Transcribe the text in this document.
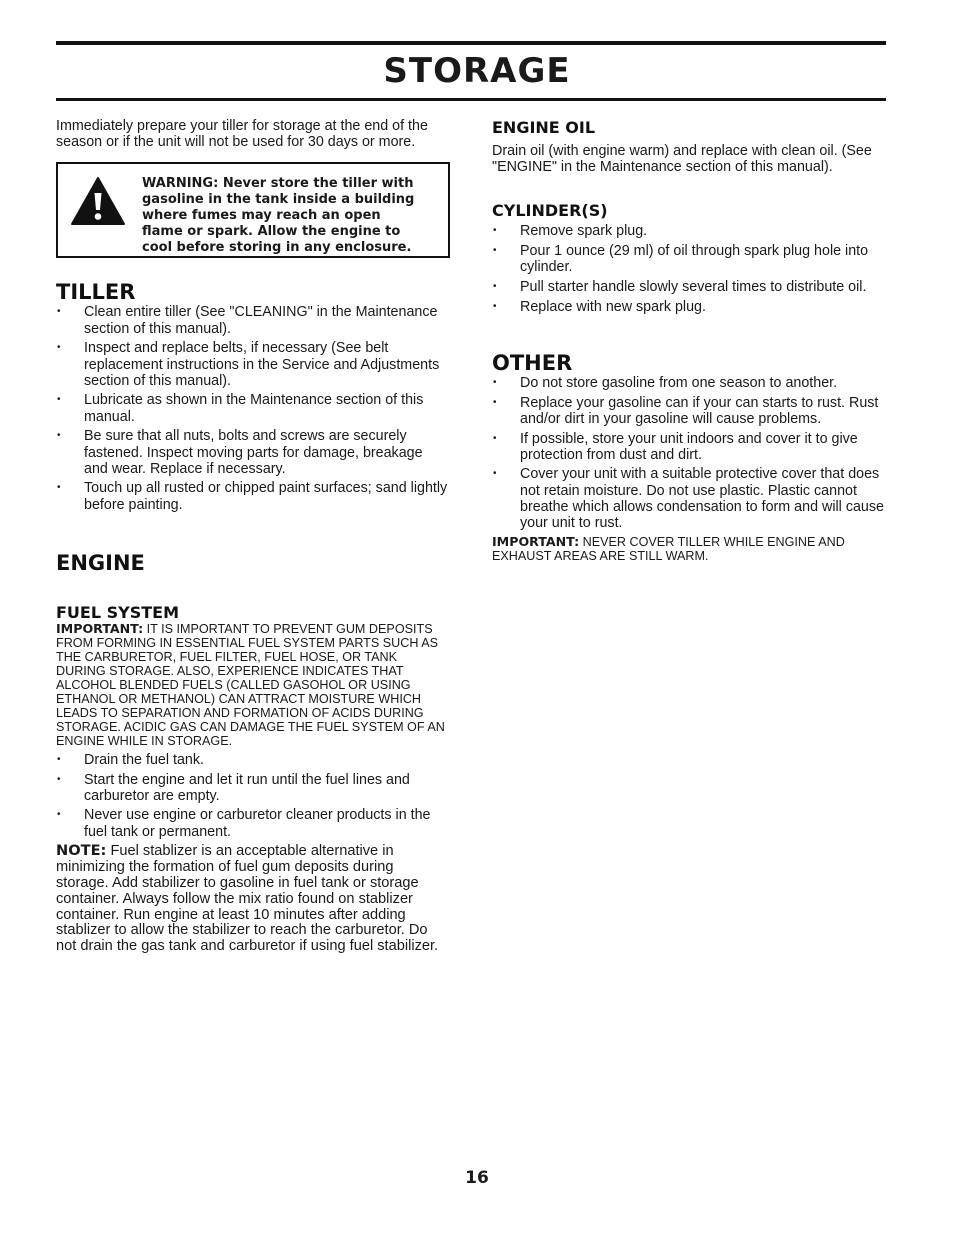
STORAGE

Immediately prepare your tiller for storage at the end of the season or if the unit will not be used for 30 days or more.

WARNING: Never store the tiller with gasoline in the tank inside a building where fumes may reach an open flame or spark. Allow the engine to cool before storing in any enclosure.

TILLER
• Clean entire tiller (See "CLEANING" in the Maintenance section of this manual).
• Inspect and replace belts, if necessary (See belt replacement instructions in the Service and Adjustments section of this manual).
• Lubricate as shown in the Maintenance section of this manual.
• Be sure that all nuts, bolts and screws are securely fastened. Inspect moving parts for damage, breakage and wear. Replace if necessary.
• Touch up all rusted or chipped paint surfaces; sand lightly before painting.
ENGINE
FUEL SYSTEM

IMPORTANT: IT IS IMPORTANT TO PREVENT GUM DEPOSITS FROM FORMING IN ESSENTIAL FUEL SYSTEM PARTS SUCH AS THE CARBURETOR, FUEL FILTER, FUEL HOSE, OR TANK DURING STORAGE. ALSO, EXPERIENCE INDICATES THAT ALCOHOL BLENDED FUELS (CALLED GASOHOL OR USING ETHANOL OR METHANOL) CAN ATTRACT MOISTURE WHICH LEADS TO SEPARATION AND FORMATION OF ACIDS DURING STORAGE. ACIDIC GAS CAN DAMAGE THE FUEL SYSTEM OF AN ENGINE WHILE IN STORAGE.

• Drain the fuel tank.
• Start the engine and let it run until the fuel lines and carburetor are empty.
• Never use engine or carburetor cleaner products in the fuel tank or permanent.

NOTE: Fuel stablizer is an acceptable alternative in minimizing the formation of fuel gum deposits during storage. Add stabilizer to gasoline in fuel tank or storage container. Always follow the mix ratio found on stablizer container. Run engine at least 10 minutes after adding stablizer to allow the stabilizer to reach the carburetor. Do not drain the gas tank and carburetor if using fuel stabilizer.

ENGINE OIL

Drain oil (with engine warm) and replace with clean oil. (See "ENGINE" in the Maintenance section of this manual).

CYLINDER(S)
• Remove spark plug.
• Pour 1 ounce (29 ml) of oil through spark plug hole into cylinder.
• Pull starter handle slowly several times to distribute oil.
• Replace with new spark plug.
OTHER
• Do not store gasoline from one season to another.
• Replace your gasoline can if your can starts to rust. Rust and/or dirt in your gasoline will cause problems.
• If possible, store your unit indoors and cover it to give protection from dust and dirt.
• Cover your unit with a suitable protective cover that does not retain moisture. Do not use plastic. Plastic cannot breathe which allows condensation to form and will cause your unit to rust.

IMPORTANT: NEVER COVER TILLER WHILE ENGINE AND EXHAUST AREAS ARE STILL WARM.

16
